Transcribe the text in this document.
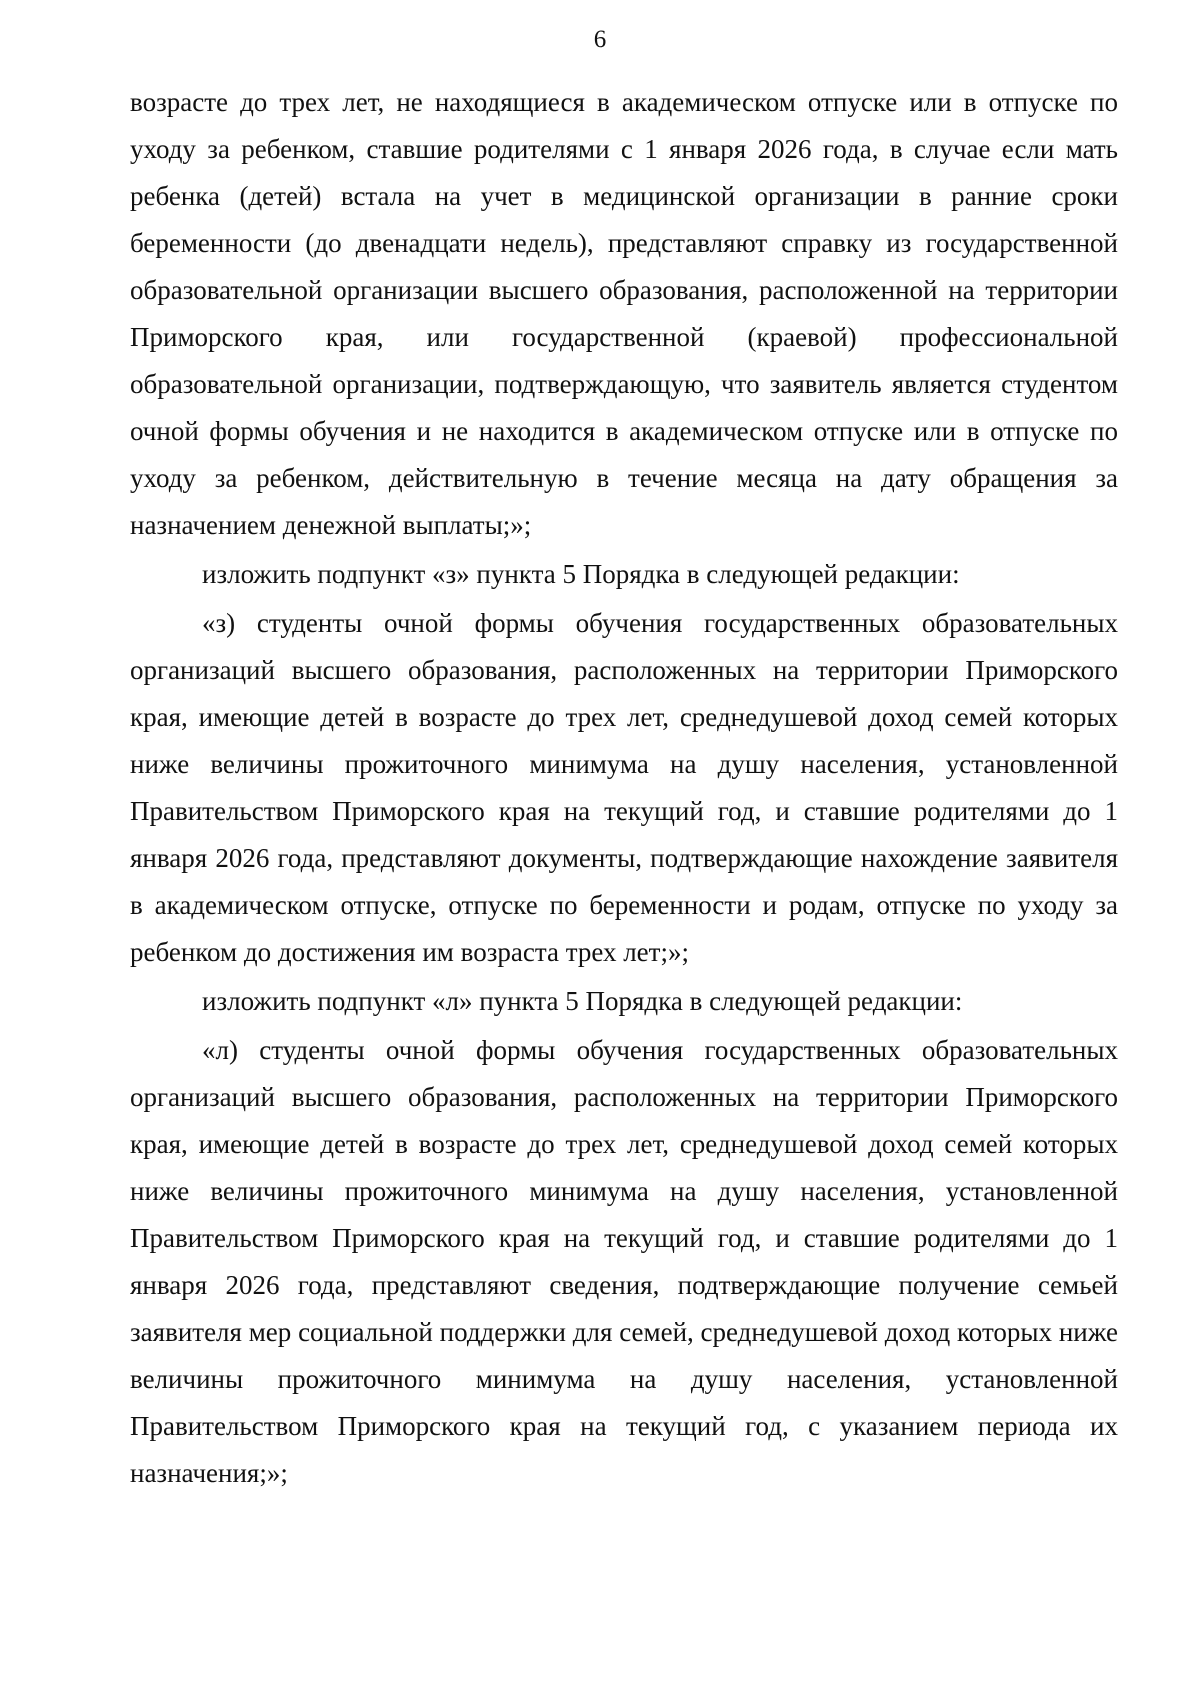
6

возрасте до трех лет, не находящиеся в академическом отпуске или в отпуске по уходу за ребенком, ставшие родителями с 1 января 2026 года, в случае если мать ребенка (детей) встала на учет в медицинской организации в ранние сроки беременности (до двенадцати недель), представляют справку из государственной образовательной организации высшего образования, расположенной на территории Приморского края, или государственной (краевой) профессиональной образовательной организации, подтверждающую, что заявитель является студентом очной формы обучения и не находится в академическом отпуске или в отпуске по уходу за ребенком, действительную в течение месяца на дату обращения за назначением денежной выплаты;»;

изложить подпункт «з» пункта 5 Порядка в следующей редакции:

«з) студенты очной формы обучения государственных образовательных организаций высшего образования, расположенных на территории Приморского края, имеющие детей в возрасте до трех лет, среднедушевой доход семей которых ниже величины прожиточного минимума на душу населения, установленной Правительством Приморского края на текущий год, и ставшие родителями до 1 января 2026 года, представляют документы, подтверждающие нахождение заявителя в академическом отпуске, отпуске по беременности и родам, отпуске по уходу за ребенком до достижения им возраста трех лет;»;

изложить подпункт «л» пункта 5 Порядка в следующей редакции:

«л) студенты очной формы обучения государственных образовательных организаций высшего образования, расположенных на территории Приморского края, имеющие детей в возрасте до трех лет, среднедушевой доход семей которых ниже величины прожиточного минимума на душу населения, установленной Правительством Приморского края на текущий год, и ставшие родителями до 1 января 2026 года, представляют сведения, подтверждающие получение семьей заявителя мер социальной поддержки для семей, среднедушевой доход которых ниже величины прожиточного минимума на душу населения, установленной Правительством Приморского края на текущий год, с указанием периода их назначения;»;
